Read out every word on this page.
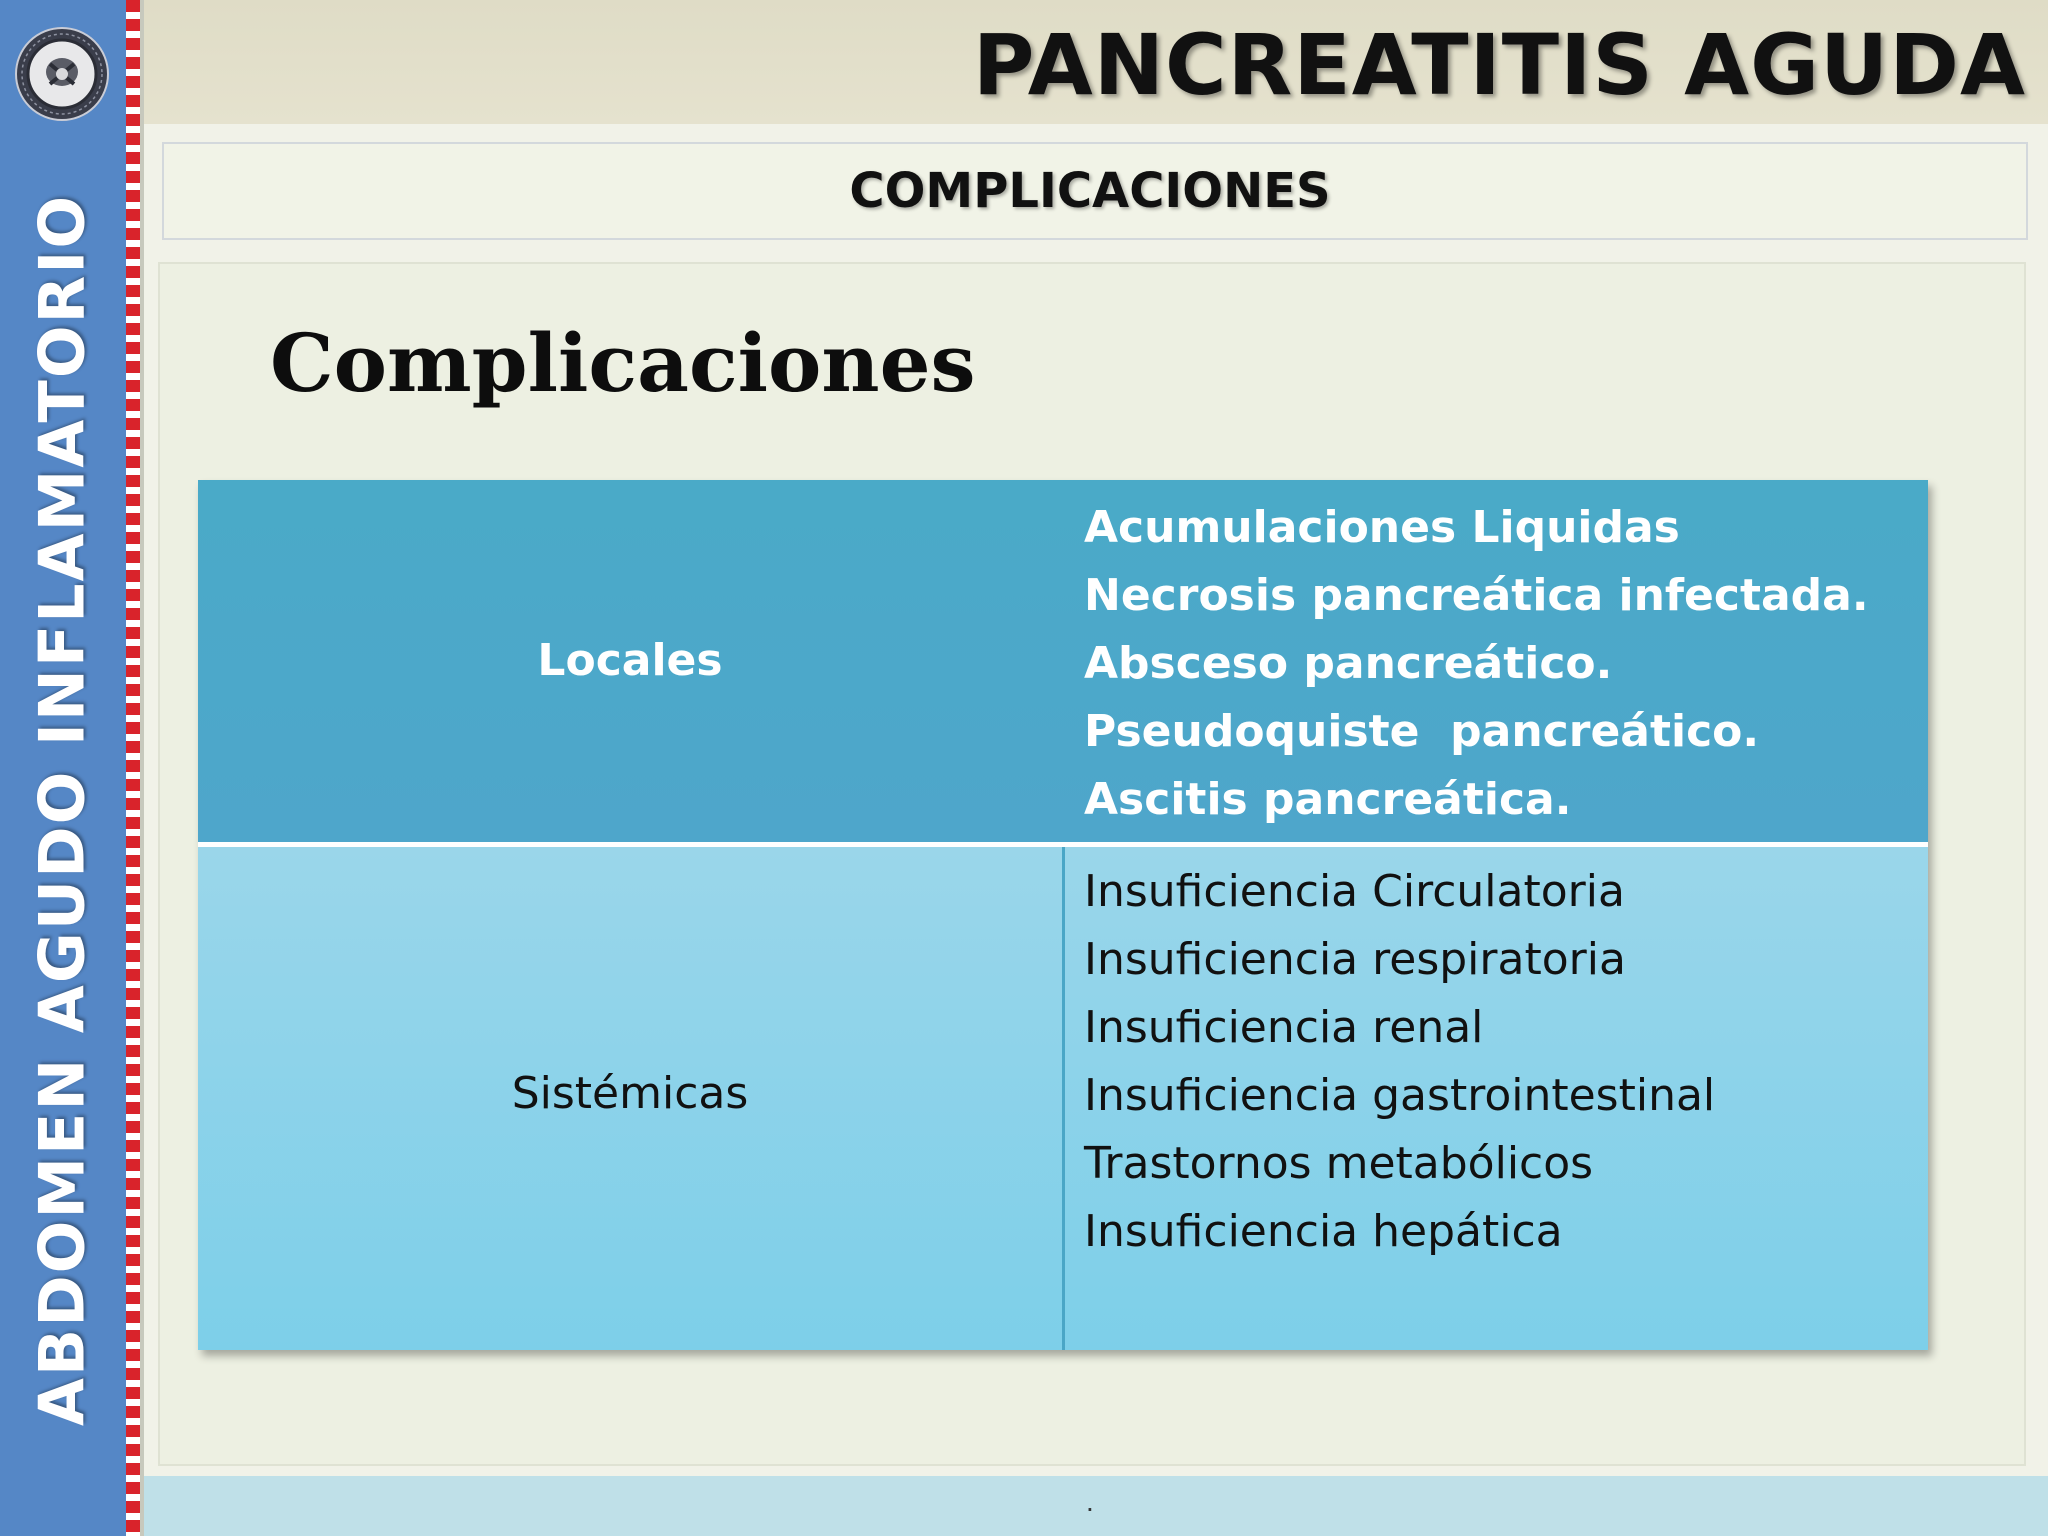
ABDOMEN AGUDO INFLAMATORIO
PANCREATITIS AGUDA
COMPLICACIONES
Complicaciones
Locales
Acumulaciones Liquidas
Necrosis pancreática infectada.
Absceso pancreático.
Pseudoquiste  pancreático.
Ascitis pancreática.
Sistémicas
Insuficiencia Circulatoria
Insuficiencia respiratoria
Insuficiencia renal
Insuficiencia gastrointestinal
Trastornos metabólicos
Insuficiencia hepática
.
